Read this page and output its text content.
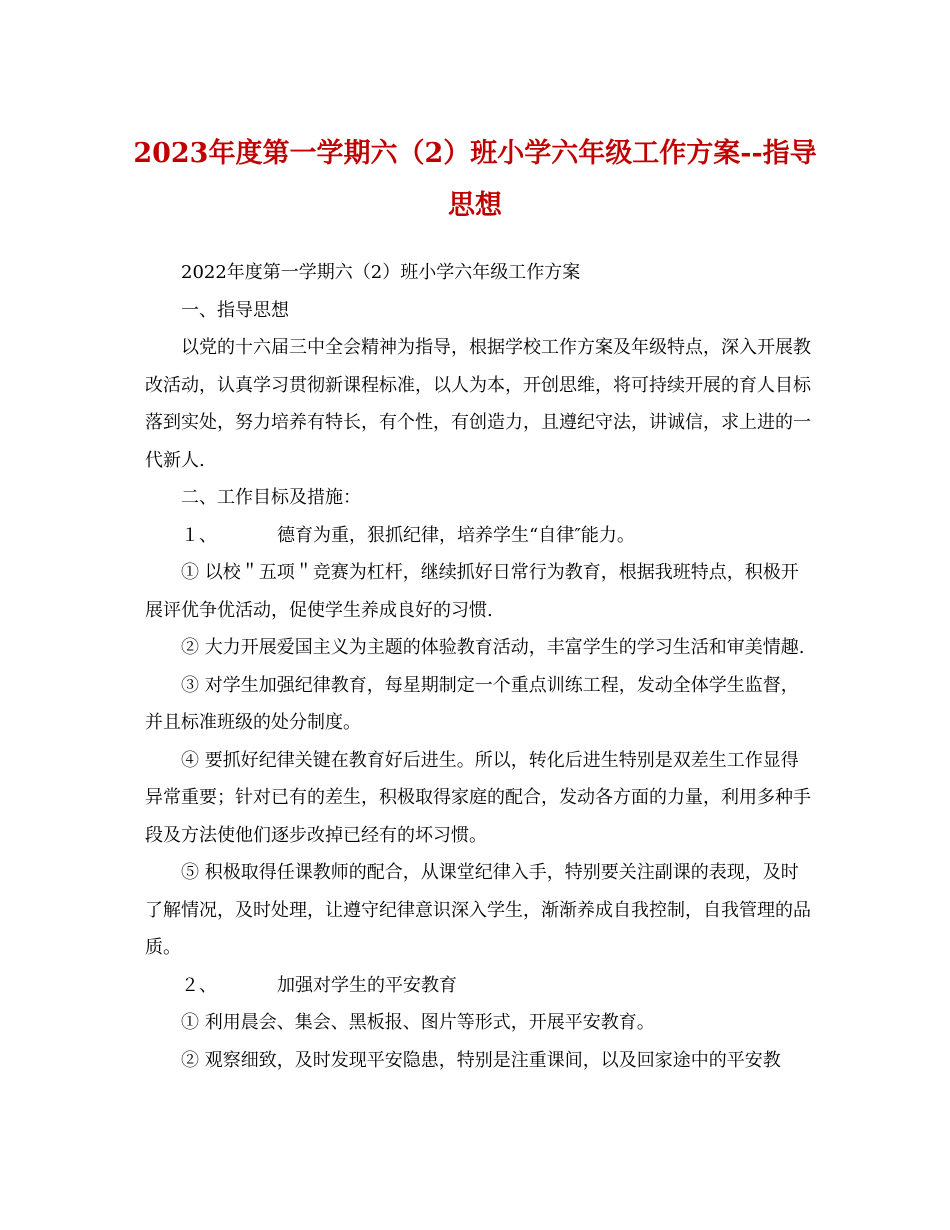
2023年度第一学期六（2）班小学六年级工作方案--指导思想

2022年度第一学期六（2）班小学六年级工作方案

一、指导思想

以党的十六届三中全会精神为指导，根据学校工作方案及年级特点，深入开展教改活动，认真学习贯彻新课程标准，以人为本，开创思维，将可持续开展的育人目标落到实处，努力培养有特长，有个性，有创造力，且遵纪守法，讲诚信，求上进的一代新人.

二、工作目标及措施：

１、	德育为重，狠抓纪律，培养学生“自律″能力。

① 以校＂五项＂竞赛为杠杆，继续抓好日常行为教育，根据我班特点，积极开展评优争优活动，促使学生养成良好的习惯.

② 大力开展爱国主义为主题的体验教育活动，丰富学生的学习生活和审美情趣.

③ 对学生加强纪律教育，每星期制定一个重点训练工程，发动全体学生监督，并且标准班级的处分制度。

④ 要抓好纪律关键在教育好后进生。所以，转化后进生特别是双差生工作显得异常重要；针对已有的差生，积极取得家庭的配合，发动各方面的力量，利用多种手段及方法使他们逐步改掉已经有的坏习惯。

⑤ 积极取得任课教师的配合，从课堂纪律入手，特别要关注副课的表现，及时了解情况，及时处理，让遵守纪律意识深入学生，渐渐养成自我控制，自我管理的品质。

２、	加强对学生的平安教育

① 利用晨会、集会、黑板报、图片等形式，开展平安教育。

② 观察细致，及时发现平安隐患，特别是注重课间，以及回家途中的平安教
